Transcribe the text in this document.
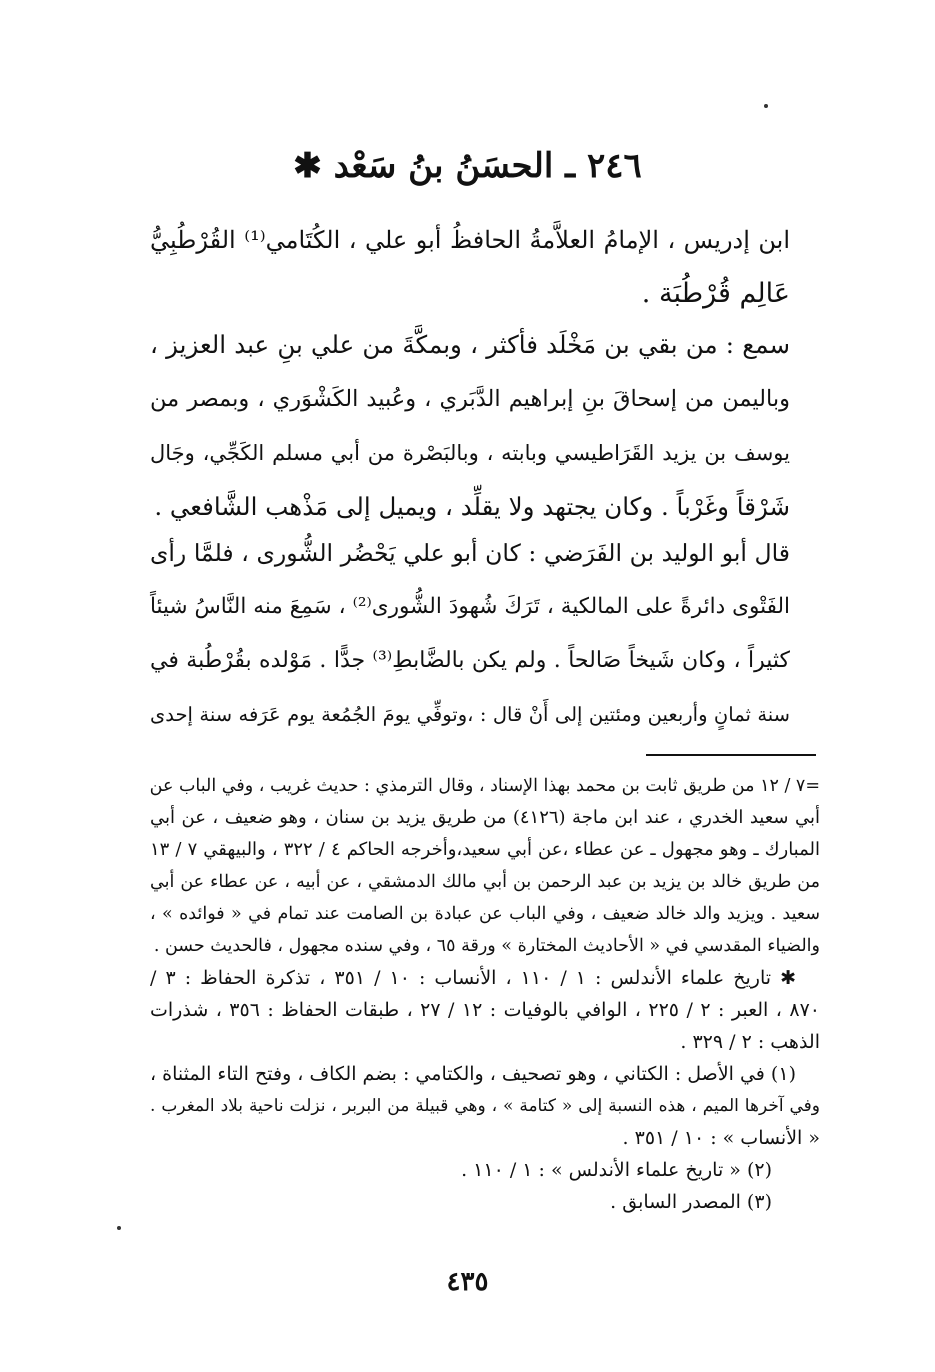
٢٤٦ ـ الحسَنُ بنُ سَعْد ✱
ابن إدريس ، الإمامُ العلاَّمةُ الحافظُ أبو علي ، الكُتَامي⁽¹⁾ القُرْطُبِيُّ
عَالِم قُرْطُبَة .
سمع : من بقي بن مَخْلَد فأكثر ، وبمكَّةَ من علي بنِ عبد العزيز ،
وباليمن من إسحاقَ بنِ إبراهيم الدَّبَري ، وعُبيد الكَشْوَري ، وبمصر من
يوسف بن يزيد القَرَاطيسي وبابته ، وبالبَصْرة من أبي مسلم الكَجِّي، وجَال
شَرْقاً وغَرْباً . وكان يجتهد ولا يقلِّد ، ويميل إلى مَذْهب الشَّافعي .
قال أبو الوليد بن الفَرَضي : كان أبو علي يَحْضُر الشُّورى ، فلمَّا رأى
الفَتْوى دائرةً على المالكية ، تَرَكَ شُهودَ الشُّورى⁽²⁾ ، سَمِعَ منه النَّاسُ شيئاً
كثيراً ، وكان شَيخاً صَالحاً . ولم يكن بالضَّابطِ⁽³⁾ جدًّا . مَوْلده بقُرْطُبة في
سنة ثمانٍ وأربعين ومئتين إلى أَنْ قال : ،وتوفِّي يومَ الجُمُعة يوم عَرَفه سنة إحدى
=٧ / ١٢ من طريق ثابت بن محمد بهذا الإسناد ، وقال الترمذي : حديث غريب ، وفي الباب عن
أبي سعيد الخدري ، عند ابن ماجة (٤١٢٦) من طريق يزيد بن سنان ، وهو ضعيف ، عن أبي
المبارك ـ وهو مجهول ـ عن عطاء ،عن أبي سعيد،وأخرجه الحاكم ٤ / ٣٢٢ ، والبيهقي ٧ / ١٣
من طريق خالد بن يزيد بن عبد الرحمن بن أبي مالك الدمشقي ، عن أبيه ، عن عطاء عن أبي
سعيد . ويزيد والد خالد ضعيف ، وفي الباب عن عبادة بن الصامت عند تمام في « فوائده » ،
والضياء المقدسي في « الأحاديث المختارة » ورقة ٦٥ ، وفي سنده مجهول ، فالحديث حسن .
✱ تاريخ علماء الأندلس : ١ / ١١٠ ، الأنساب : ١٠ / ٣٥١ ، تذكرة الحفاظ : ٣ /
٨٧٠ ، العبر : ٢ / ٢٢٥ ، الوافي بالوفيات : ١٢ / ٢٧ ، طبقات الحفاظ : ٣٥٦ ، شذرات
الذهب : ٢ / ٣٢٩ .
(١) في الأصل : الكتاني ، وهو تصحيف ، والكتامي : بضم الكاف ، وفتح التاء المثناة ،
وفي آخرها الميم ، هذه النسبة إلى « كتامة » ، وهي قبيلة من البربر ، نزلت ناحية بلاد المغرب .
« الأنساب » : ١٠ / ٣٥١ .
(٢) « تاريخ علماء الأندلس » : ١ / ١١٠ .
(٣) المصدر السابق .
٤٣٥
